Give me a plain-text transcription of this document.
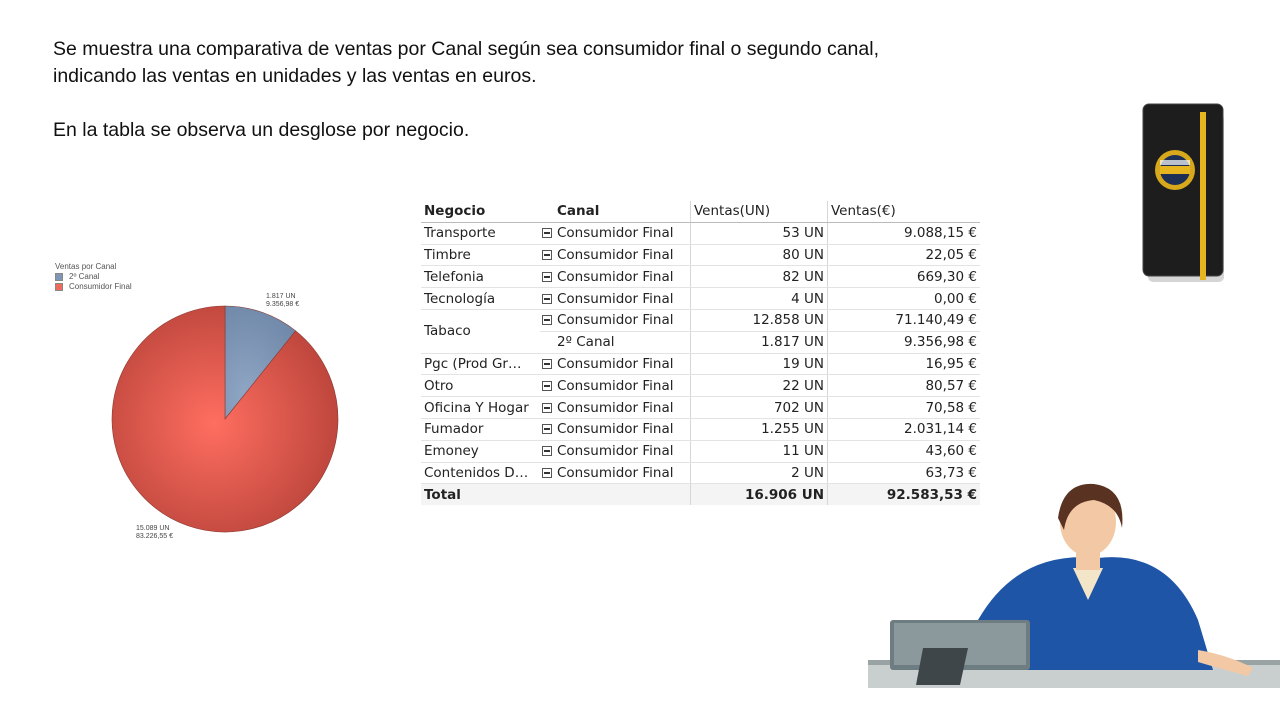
Se muestra una comparativa de ventas por Canal según sea consumidor final o segundo canal, indicando las ventas en unidades y las ventas en euros.

En la tabla se observa un desglose por negocio.

Ventas por Canal
2º Canal
Consumidor Final
1.817 UN
9.356,98 €
15.089 UN
83.226,55 €
Negocio		Canal	Ventas(UN)	Ventas(€)
Transporte		Consumidor Final	53 UN	9.088,15 €
Timbre		Consumidor Final	80 UN	22,05 €
Telefonia		Consumidor Final	82 UN	669,30 €
Tecnología		Consumidor Final	4 UN	0,00 €
Tabaco		Consumidor Final	12.858 UN	71.140,49 €
		2º Canal	1.817 UN	9.356,98 €
Pgc (Prod Gr…		Consumidor Final	19 UN	16,95 €
Otro		Consumidor Final	22 UN	80,57 €
Oficina Y Hogar		Consumidor Final	702 UN	70,58 €
Fumador		Consumidor Final	1.255 UN	2.031,14 €
Emoney		Consumidor Final	11 UN	43,60 €
Contenidos D…		Consumidor Final	2 UN	63,73 €
Total			16.906 UN	92.583,53 €
